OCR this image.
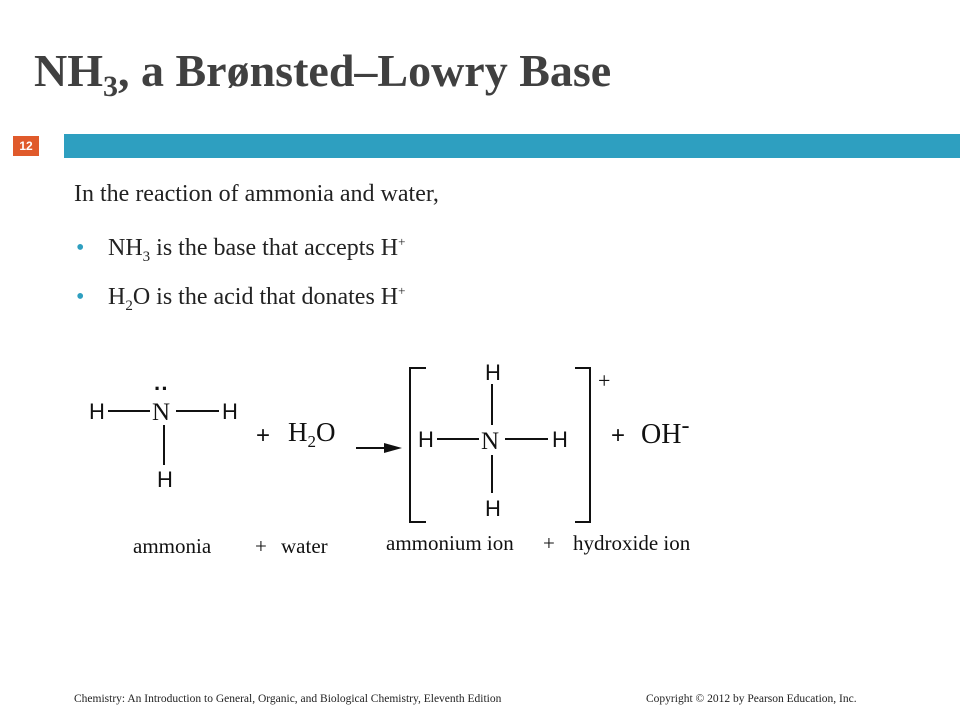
$NH_3$, a Brønsted–Lowry Base
12
In the reaction of ammonia and water,
• $NH_3$ is the base that accepts H+
• $H_2O$ is the acid that donates H+
H
··
N H
H
+ $H_2O$
H
H N H
H
+
+ OH-
ammonia + water	ammonium ion + hydroxide ion
Chemistry: An Introduction to General, Organic, and Biological Chemistry, Eleventh Edition	Copyright © 2012 by Pearson Education, Inc.
